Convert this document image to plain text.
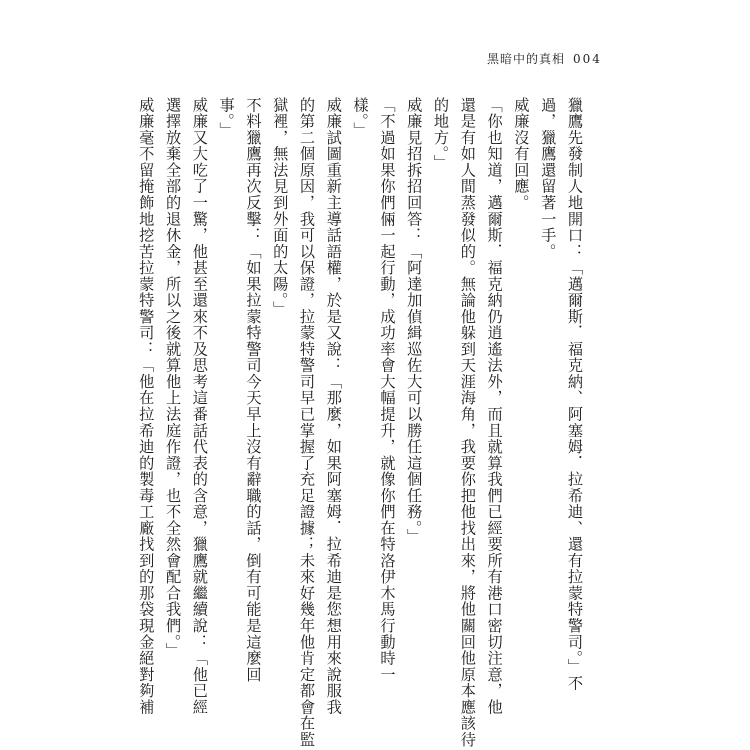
黑暗中的真相 004
獵鷹先發制人地開口：「邁爾斯．福克納、阿塞姆．拉希迪、還有拉蒙特警司。」不
過，獵鷹還留著一手。
威廉沒有回應。
「你也知道，邁爾斯．福克納仍逍遙法外，而且就算我們已經要所有港口密切注意，他
還是有如人間蒸發似的。無論他躲到天涯海角，我要你把他找出來，將他關回他原本應該待
的地方。」
威廉見招拆招回答：「阿達加偵緝巡佐大可以勝任這個任務。」
「不過如果你們倆一起行動，成功率會大幅提升，就像你們在特洛伊木馬行動時一
樣。」
威廉試圖重新主導話語權，於是又說：「那麼，如果阿塞姆．拉希迪是您想用來說服我
的第二個原因，我可以保證，拉蒙特警司早已掌握了充足證據；未來好幾年他肯定都會在監
獄裡，無法見到外面的太陽。」
不料獵鷹再次反擊：「如果拉蒙特警司今天早上沒有辭職的話，倒有可能是這麼回
事。」
威廉又大吃了一驚，他甚至還來不及思考這番話代表的含意，獵鷹就繼續說：「他已經
選擇放棄全部的退休金，所以之後就算他上法庭作證，也不全然會配合我們。」
威廉毫不留掩飾地挖苦拉蒙特警司：「他在拉希迪的製毒工廠找到的那袋現金絕對夠補
